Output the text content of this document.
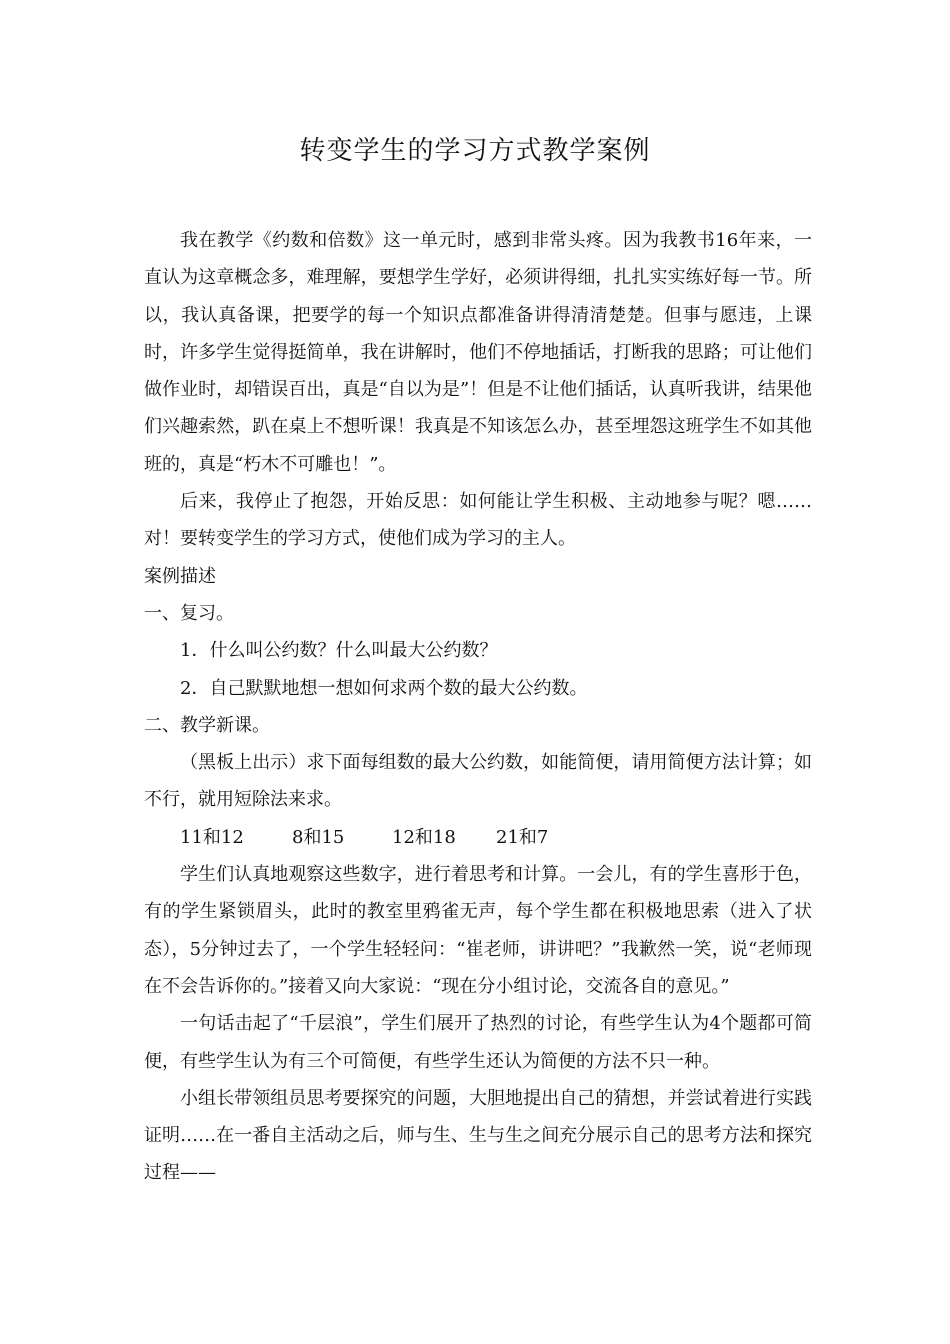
转变学生的学习方式教学案例

我在教学《约数和倍数》这一单元时，感到非常头疼。因为我教书16年来，一直认为这章概念多，难理解，要想学生学好，必须讲得细，扎扎实实练好每一节。所以，我认真备课，把要学的每一个知识点都准备讲得清清楚楚。但事与愿违，上课时，许多学生觉得挺简单，我在讲解时，他们不停地插话，打断我的思路；可让他们做作业时，却错误百出，真是“自以为是”！但是不让他们插话，认真听我讲，结果他们兴趣索然，趴在桌上不想听课！我真是不知该怎么办，甚至埋怨这班学生不如其他班的，真是“朽木不可雕也！”。

后来，我停止了抱怨，开始反思：如何能让学生积极、主动地参与呢？嗯……对！要转变学生的学习方式，使他们成为学习的主人。

案例描述

一、复习。

1．什么叫公约数？什么叫最大公约数？

2．自己默默地想一想如何求两个数的最大公约数。

二、教学新课。

（黑板上出示）求下面每组数的最大公约数，如能简便，请用简便方法计算；如不行，就用短除法来求。

11和12	8和15	12和18 21和7

学生们认真地观察这些数字，进行着思考和计算。一会儿，有的学生喜形于色，有的学生紧锁眉头，此时的教室里鸦雀无声，每个学生都在积极地思索（进入了状态），5分钟过去了，一个学生轻轻问：“崔老师，讲讲吧？”我歉然一笑，说“老师现在不会告诉你的。”接着又向大家说：“现在分小组讨论，交流各自的意见。”

一句话击起了“千层浪”，学生们展开了热烈的讨论，有些学生认为4个题都可简便，有些学生认为有三个可简便，有些学生还认为简便的方法不只一种。

小组长带领组员思考要探究的问题，大胆地提出自己的猜想，并尝试着进行实践证明……在一番自主活动之后，师与生、生与生之间充分展示自己的思考方法和探究过程——
